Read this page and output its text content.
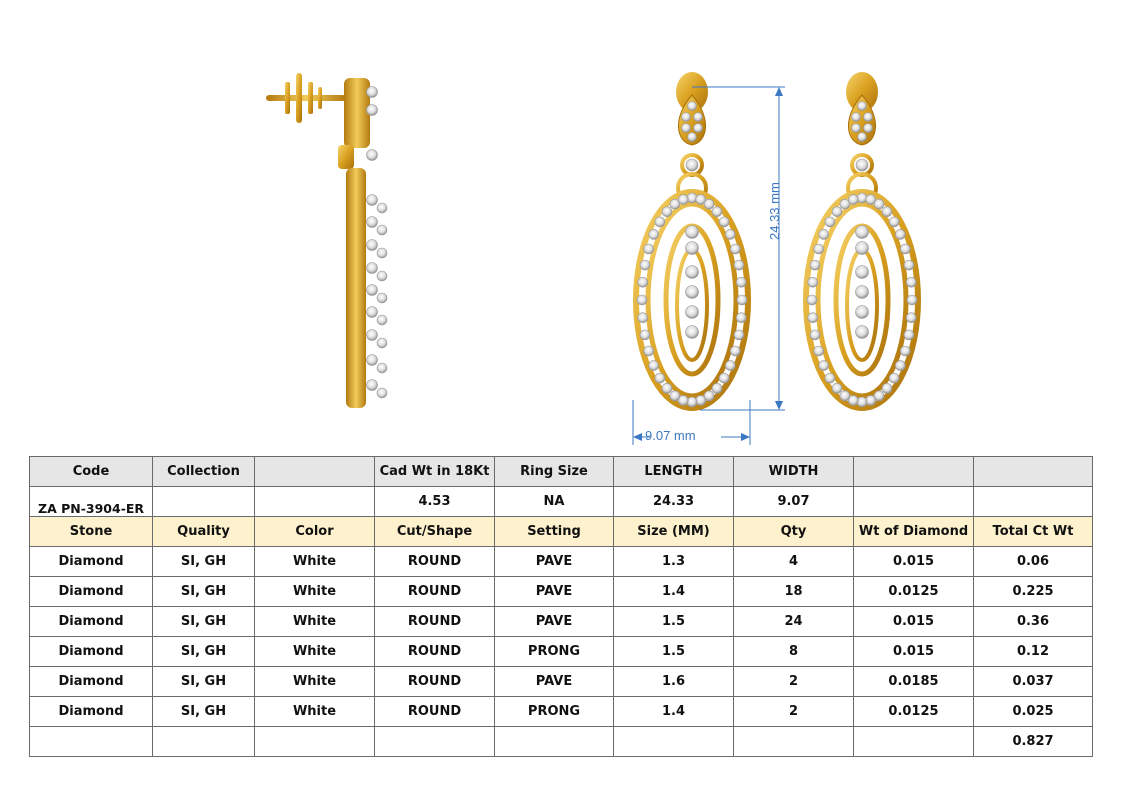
24.33 mm
9.07 mm
Code	Collection		Cad Wt in 18Kt	Ring Size	LENGTH	WIDTH		
ZA PN-3904-ER			4.53	NA	24.33	9.07		
Stone	Quality	Color	Cut/Shape	Setting	Size (MM)	Qty	Wt of Diamond	Total Ct Wt
Diamond	SI, GH	White	ROUND	PAVE	1.3	4	0.015	0.06
Diamond	SI, GH	White	ROUND	PAVE	1.4	18	0.0125	0.225
Diamond	SI, GH	White	ROUND	PAVE	1.5	24	0.015	0.36
Diamond	SI, GH	White	ROUND	PRONG	1.5	8	0.015	0.12
Diamond	SI, GH	White	ROUND	PAVE	1.6	2	0.0185	0.037
Diamond	SI, GH	White	ROUND	PRONG	1.4	2	0.0125	0.025
								0.827
